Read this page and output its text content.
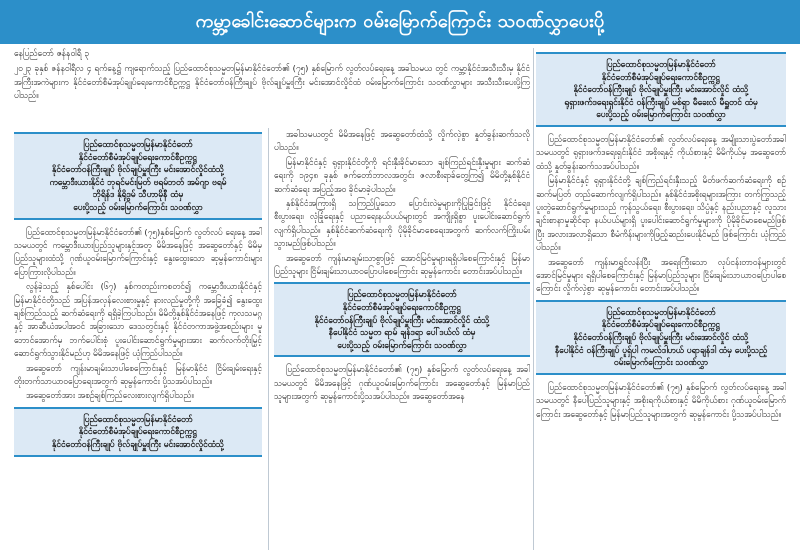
ကမ္ဘာ့ခေါင်းဆောင်များက ဝမ်းမြောက်ကြောင်း သဝဏ်လွှာပေးပို့
နေပြည်တော် ဇန်နဝါရီ ၃

၂၀၂၃ ခုနှစ် ဇန်နဝါရီလ ၄ ရက်နေ့၌ ကျရောက်သည့် ပြည်ထောင်စုသမ္မတမြန်မာနိုင်ငံတော်၏ (၇၅) နှစ်မြောက် လွတ်လပ်ရေးနေ့ အခါသမယ တွင် ကမ္ဘာ့နိုင်ငံအသီးသီးမှ နိုင်ငံအကြီးအကဲများက နိုင်ငံတော်စီမံအုပ်ချုပ်ရေးကောင်စီဥက္ကဋ္ဌ နိုင်ငံတော်ဝန်ကြီးချုပ် ဗိုလ်ချုပ်မှူးကြီး မင်းအောင်လှိုင်ထံ ဝမ်းမြောက်ကြောင်း သဝဏ်လွှာများ အသီးသီးပေးပို့ကြပါသည်။

ပြည်ထောင်စုသမ္မတမြန်မာနိုင်ငံတော်
နိုင်ငံတော်စီမံအုပ်ချုပ်ရေးကောင်စီဥက္ကဋ္ဌ
နိုင်ငံတော်ဝန်ကြီးချုပ် ဗိုလ်ချုပ်မှူးကြီး မင်းအောင်လှိုင်ထံသို့
ကမ္ဘောဒီးယားနိုင်ငံ ဘုရင်မင်းမြတ် ဗရမ်ဘတ် အမ်ဂျာ ဗရမ်
ဘိုရိန်ဒ နိုရိုဒွမ် သီဟာမိုနီ ထံမှ
ပေးပို့သည့် ဝမ်းမြောက်ကြောင်း သဝဏ်လွှာ

ပြည်ထောင်စုသမ္မတမြန်မာနိုင်ငံတော်၏ (၇၅)နှစ်မြောက် လွတ်လပ် ရေးနေ့ အခါသမယတွင် ကမ္ဘောဒီးယားပြည်သူများနှင့်အတူ မိမိအနေဖြင့် အဆွေတော်နှင့် မိမိမှပြည်သူများထံသို့ ဂုဏ်ယူဝမ်းမြောက်ကြောင်းနှင့် နွေးထွေးသော ဆုမွန်ကောင်းများ ပြောကြားလိုပါသည်။

လွန်ခဲ့သည့် နှစ်ပေါင်း (၆၇) နှစ်ကတည်းကစတင်၍ ကမ္ဘောဒီးယားနိုင်ငံနှင့် မြန်မာနိုင်ငံတို့သည် အပြန်အလှန်လေးစားမှုနှင့် နားလည်မှုတို့ကို အခြေခံ၍ နွေးထွေးချစ်ကြည်သည့် ဆက်ဆံရေးကို ရရှိခဲ့ကြပါသည်။ မိမိတို့နှစ်နိုင်ငံအနေဖြင့် ကုလသမဂ္ဂနှင့် အာဆီယံအပါအဝင် အခြားသော ဒေသတွင်းနှင့် နိုင်ငံတကာအဖွဲ့အစည်းများ မူဘောင်အောက်မှ ဘက်ပေါင်းစုံ ပူးပေါင်းဆောင်ရွက်မှုများအား ဆက်လက်တိုးမြှင့်ဆောင်ရွက်သွားနိုင်မည်ဟု မိမိအနေဖြင့် ယုံကြည်ပါသည်။

အဆွေတော် ကျန်းမာချမ်းသာပါစေကြောင်းနှင့် မြန်မာနိုင်ငံ ငြိမ်းချမ်းရေးနှင့် တိုးတက်သာယာဝပြောရေးအတွက် ဆုမွန်ကောင်း ပို့သအပ်ပါသည်။

အဆွေတော်အား အစဉ်ချစ်ကြည်လေးစားလျက်ရှိပါသည်။

ပြည်ထောင်စုသမ္မတမြန်မာနိုင်ငံတော်
နိုင်ငံတော်စီမံအုပ်ချုပ်ရေးကောင်စီဥက္ကဋ္ဌ
နိုင်ငံတော်ဝန်ကြီးချုပ် ဗိုလ်ချုပ်မှူးကြီး မင်းအောင်လှိုင်ထံသို့

အခါသမယတွင် မိမိအနေဖြင့် အဆွေတော်ထံသို့ လှိုက်လှဲစွာ နှုတ်ခွန်းဆက်သလိုပါသည်။

မြန်မာနိုင်ငံနှင့် ရုရှားနိုင်ငံတို့ကို ရင်းနှီးခိုင်မာသော ချစ်ကြည်ရင်းနှီးမှုများ ဆက်ဆံရေးကို ၁၉၄၈ ခုနှစ် ဇက်တော်ဘာလအတွင်း ဇလာစီးရာခ်တွေ့ကြ၍ မိမိတို့နှစ်နိုင်ငံဆက်ဆံရေး အပြည့်အဝ ခိုင်မာခဲ့ပါသည်။

နှစ်နိုင်ငံအကြားရှိ သကြည်ပြုသော ပြောင်းလဲမှုများကိုပြုခြင်းဖြင့် နိုင်ငံရေး၊ စီးပွားရေး၊ လုံခြုံရေးနှင့် ပညာရေးနယ်ပယ်များတွင် အကျိုးရှိစွာ ပူးပေါင်းဆောင်ရွက်လျက်ရှိပါသည်။ နှစ်နိုင်ငံဆက်ဆံရေးကို ပိုမိုခိုင်မာစေရေးအတွက် ဆက်လက်ကြိုးပမ်းသွားမည်ဖြစ်ပါသည်။

အဆွေတော် ကျန်းမာချမ်းသာစွာဖြင့် အောင်မြင်မှုများရရှိပါစေကြောင်းနှင့် မြန်မာပြည်သူများ ငြိမ်းချမ်းသာယာဝပြောပါစေကြောင်း ဆုမွန်ကောင်း တောင်းအပ်ပါသည်။

ပြည်ထောင်စုသမ္မတမြန်မာနိုင်ငံတော်
နိုင်ငံတော်စီမံအုပ်ချုပ်ရေးကောင်စီဥက္ကဋ္ဌ
နိုင်ငံတော်ဝန်ကြီးချုပ် ဗိုလ်ချုပ်မှူးကြီး မင်းအောင်လှိုင် ထံသို့
နီပေါနိုင်ငံ သမ္မတ ရာမ် ချန်ဒရာ ပေါ်ဒယ်လ် ထံမှ
ပေးပို့သည့် ဝမ်းမြောက်ကြောင်း သဝဏ်လွှာ

ပြည်ထောင်စုသမ္မတမြန်မာနိုင်ငံတော်၏ (၇၅) နှစ်မြောက် လွတ်လပ်ရေးနေ့ အခါသမယတွင် မိမိအနေဖြင့် ဂုဏ်ယူဝမ်းမြောက်ကြောင်း အဆွေတော်နှင့် မြန်မာပြည်သူများအတွက် ဆုမွန်ကောင်းပို့သအပ်ပါသည်။ အဆွေတော်အနေ

ပြည်ထောင်စုသမ္မတမြန်မာနိုင်ငံတော်
နိုင်ငံတော်စီမံအုပ်ချုပ်ရေးကောင်စီဥက္ကဋ္ဌ
နိုင်ငံတော်ဝန်ကြီးချုပ် ဗိုလ်ချုပ်မှူးကြီး မင်းအောင်လှိုင် ထံသို့
ရုရှားဖက်ဒရေးရှင်းနိုင်ငံ ဝန်ကြီးချုပ် မစ်ရှာ မီခေးလ် မီရှူတင် ထံမှ
ပေးပို့သည့် ဝမ်းမြောက်ကြောင်း သဝဏ်လွှာ

ပြည်ထောင်စုသမ္မတမြန်မာနိုင်ငံတော်၏ လွတ်လပ်ရေးနေ့ အမျိုးသားပွဲတော်အခါသမယတွင် ရုရှားဖက်ဒရေးရှင်းနိုင်ငံ အစိုးရနှင့် ကိုယ်စားနှင့် မိမိကိုယ်မှ အဆွေတော်ထံသို့ နှုတ်ခွန်းဆက်သအပ်ပါသည်။

မြန်မာနိုင်ငံနှင့် ရုရှားနိုင်ငံတို့ ချစ်ကြည်ရင်းနှီးသည့် မိတ်ဖက်ဆက်ဆံရေးကို စဉ်ဆက်မပြတ် တည်ဆောက်လျက်ရှိပါသည်။ နှစ်နိုင်ငံအစိုးရများအကြား တက်ကြွသည့် ပူးတွဲဆောင်ရွက်မှုများသည် ကုန်သွယ်ရေး၊ စီးပွားရေး၊ သိပ္ပံနှင့် နည်းပညာနှင့် လူသားချင်းစာနာမှုဆိုင်ရာ နယ်ပယ်များရှိ ပူးပေါင်းဆောင်ရွက်မှုများကို ပိုမိုခိုင်မာစေမည်ဖြစ်ပြီး အလားအလာရှိသော စီမံကိန်းများကိုဖြည့်ဆည်းပေးနိုင်မည် ဖြစ်ကြောင်း ယုံကြည်ပါသည်။

အဆွေတော် ကျန်းမာရွှင်လန်းပြီး အရေးကြီးသော လုပ်ငန်းတာဝန်များတွင် အောင်မြင်မှုများ ရရှိပါစေကြောင်းနှင့် မြန်မာပြည်သူများ ငြိမ်းချမ်းသာယာဝပြောပါစေကြောင်း လှိုက်လှဲစွာ ဆုမွန်ကောင်း တောင်းအပ်ပါသည်။

ပြည်ထောင်စုသမ္မတမြန်မာနိုင်ငံတော်
နိုင်ငံတော်စီမံအုပ်ချုပ်ရေးကောင်စီဥက္ကဋ္ဌ
နိုင်ငံတော်ဝန်ကြီးချုပ် ဗိုလ်ချုပ်မှူးကြီး မင်းအောင်လှိုင် ထံသို့
နီပေါနိုင်ငံ ဝန်ကြီးချုပ် ပူရှ်ပါ ကမလ်ဒါဟယ် ပရာချန်ဒါ ထံမှ ပေးပို့သည့် ဝမ်းမြောက်ကြောင်း သဝဏ်လွှာ

ပြည်ထောင်စုသမ္မတမြန်မာနိုင်ငံတော်၏ (၇၅) နှစ်မြောက် လွတ်လပ်ရေးနေ့ အခါသမယတွင် နီပေါပြည်သူများနှင့် အစိုးရကိုယ်စားနှင့် မိမိကိုယ်စား ဂုဏ်ယူဝမ်းမြောက်ကြောင်း အဆွေတော်နှင့် မြန်မာပြည်သူများအတွက် ဆုမွန်ကောင်း ပို့သအပ်ပါသည်။
